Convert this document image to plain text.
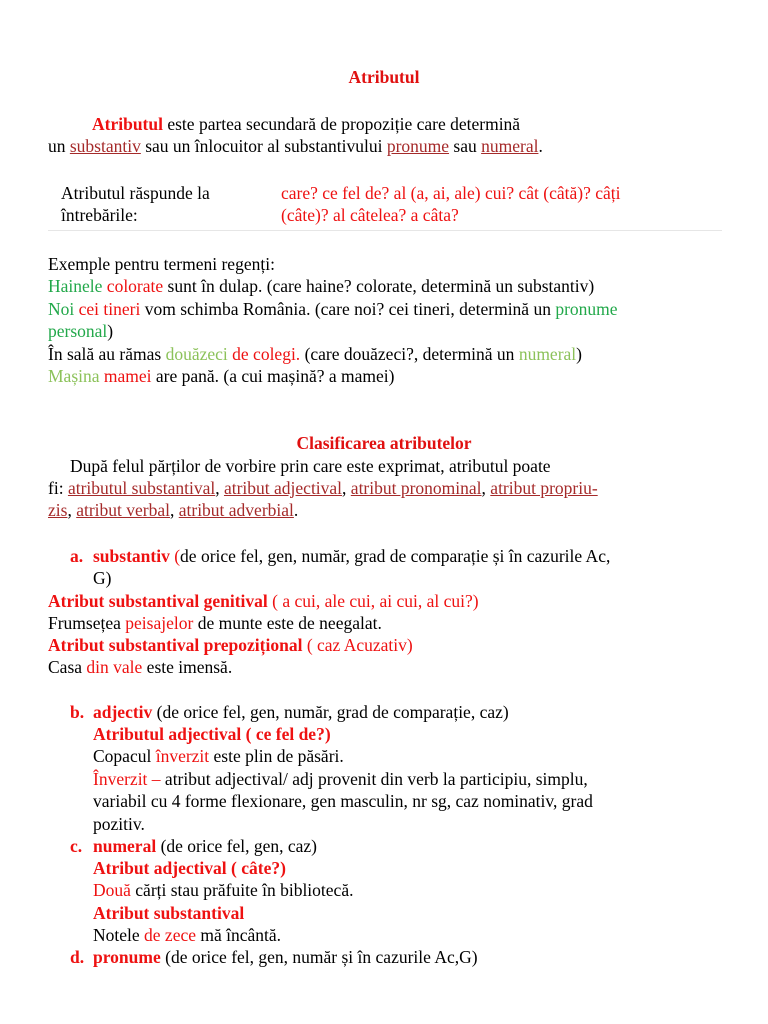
Atributul
Atributul este partea secundară de propoziție care determină
un substantiv sau un înlocuitor al substantivului pronume sau numeral.
Atributul răspunde la
întrebările:
care? ce fel de? al (a, ai, ale) cui? cât (câtă)? câți
(câte)? al câtelea? a câta?
Exemple pentru termeni regenți:
Hainele colorate sunt în dulap. (care haine? colorate, determină un substantiv)
Noi cei tineri vom schimba România. (care noi? cei tineri, determină un pronume
personal)
În sală au rămas douăzeci de colegi. (care douăzeci?, determină un numeral)
Mașina mamei are pană. (a cui mașină? a mamei)
Clasificarea atributelor
După felul părților de vorbire prin care este exprimat, atributul poate
fi: atributul substantival, atribut adjectival, atribut pronominal, atribut propriu-
zis, atribut verbal, atribut adverbial.
a. substantiv (de orice fel, gen, număr, grad de comparație și în cazurile Ac,
G)
Atribut substantival genitival ( a cui, ale cui, ai cui, al cui?)
Frumsețea peisajelor de munte este de neegalat.
Atribut substantival prepozițional ( caz Acuzativ)
Casa din vale este imensă.
b. adjectiv (de orice fel, gen, număr, grad de comparație, caz)
Atributul adjectival ( ce fel de?)
Copacul înverzit este plin de păsări.
Înverzit – atribut adjectival/ adj provenit din verb la participiu, simplu,
variabil cu 4 forme flexionare, gen masculin, nr sg, caz nominativ, grad
pozitiv.
c. numeral (de orice fel, gen, caz)
Atribut adjectival ( câte?)
Două cărți stau prăfuite în bibliotecă.
Atribut substantival
Notele de zece mă încântă.
d. pronume (de orice fel, gen, număr și în cazurile Ac,G)
